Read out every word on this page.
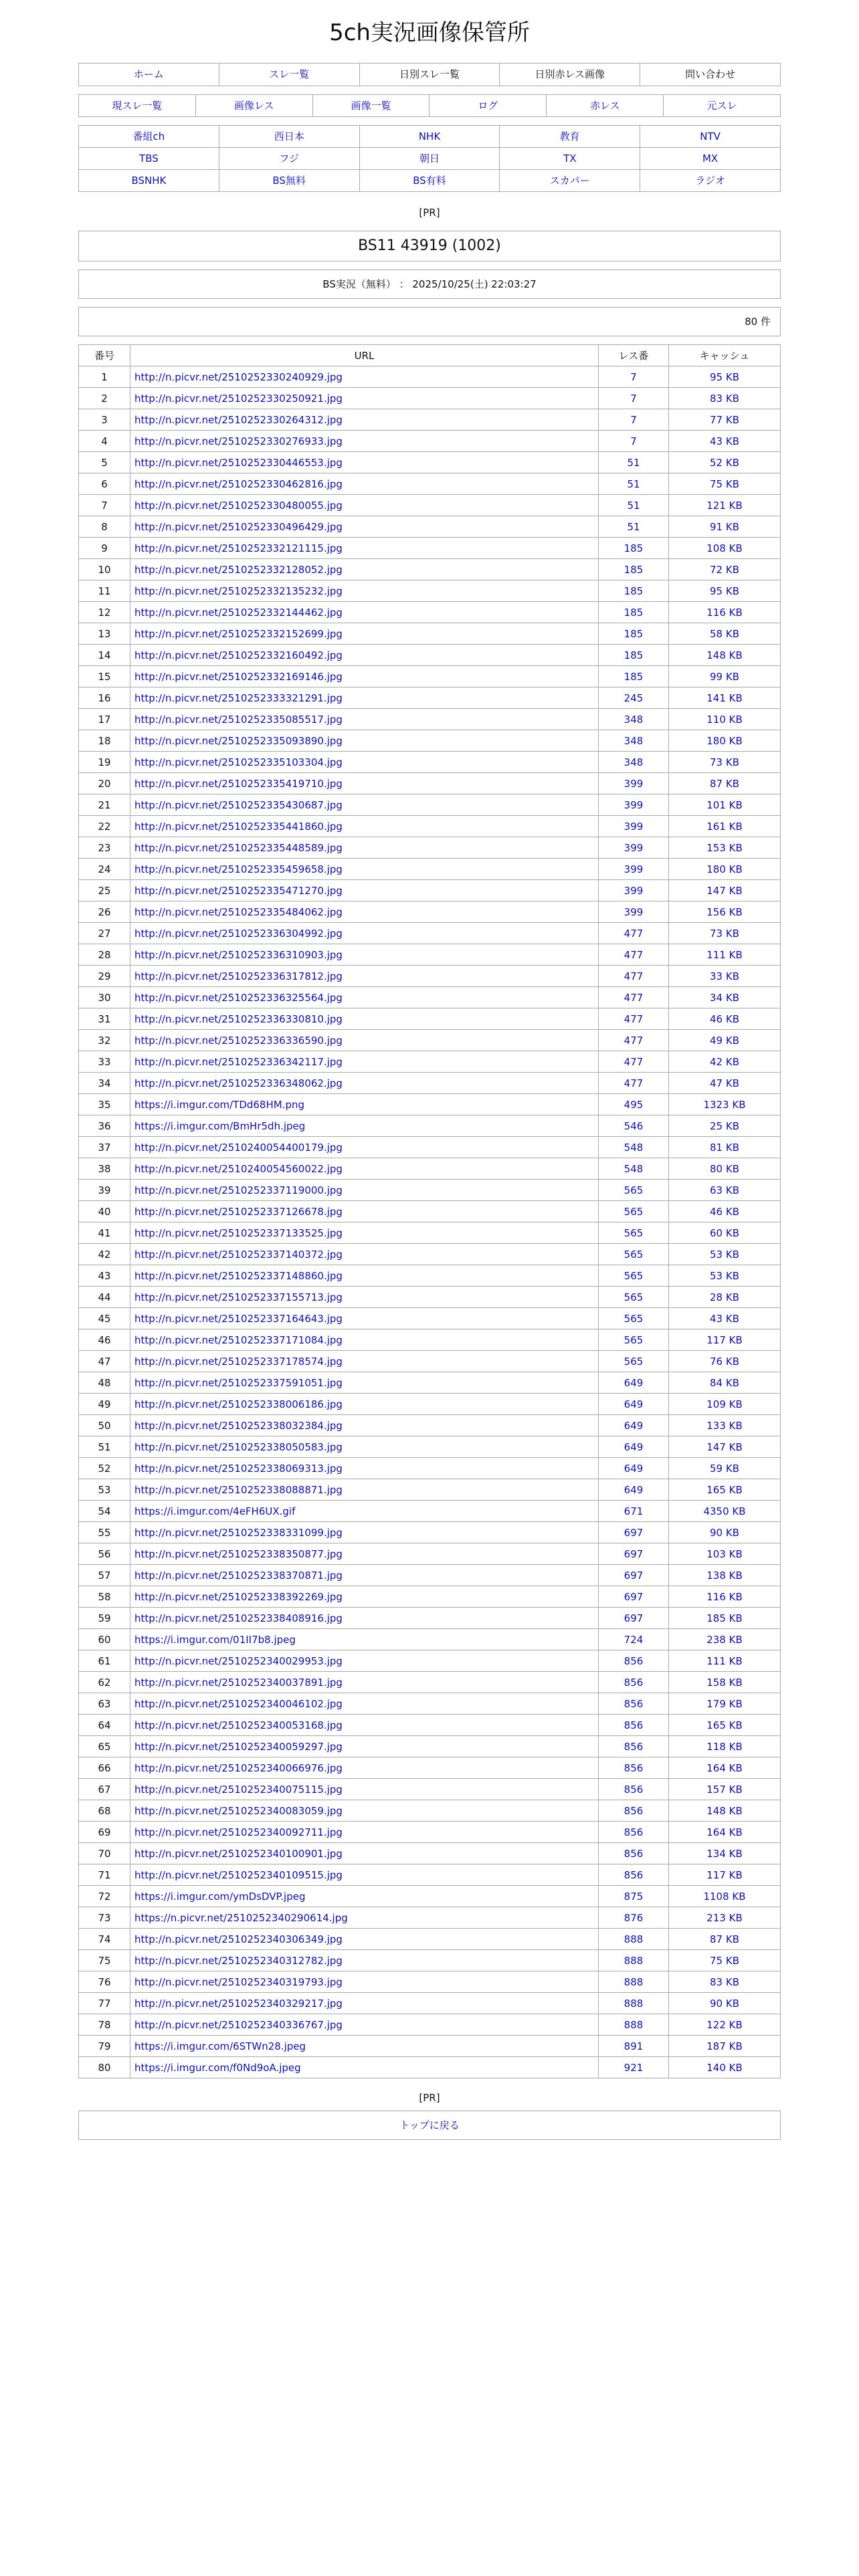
5ch実況画像保管所
ホーム	スレ一覧	日別スレ一覧	日別赤レス画像	問い合わせ
現スレ一覧	画像レス	画像一覧	ログ	赤レス	元スレ
番組ch	西日本	NHK	教育	NTV
TBS	フジ	朝日	TX	MX
BSNHK	BS無料	BS有料	スカパー	ラジオ
[PR]
BS11 43919 (1002)
BS実況（無料） ： 2025/10/25(土) 22:03:27
80 件
番号	URL	レス番	キャッシュ
1	http://n.picvr.net/2510252330240929.jpg	7	95 KB
2	http://n.picvr.net/2510252330250921.jpg	7	83 KB
3	http://n.picvr.net/2510252330264312.jpg	7	77 KB
4	http://n.picvr.net/2510252330276933.jpg	7	43 KB
5	http://n.picvr.net/2510252330446553.jpg	51	52 KB
6	http://n.picvr.net/2510252330462816.jpg	51	75 KB
7	http://n.picvr.net/2510252330480055.jpg	51	121 KB
8	http://n.picvr.net/2510252330496429.jpg	51	91 KB
9	http://n.picvr.net/2510252332121115.jpg	185	108 KB
10	http://n.picvr.net/2510252332128052.jpg	185	72 KB
11	http://n.picvr.net/2510252332135232.jpg	185	95 KB
12	http://n.picvr.net/2510252332144462.jpg	185	116 KB
13	http://n.picvr.net/2510252332152699.jpg	185	58 KB
14	http://n.picvr.net/2510252332160492.jpg	185	148 KB
15	http://n.picvr.net/2510252332169146.jpg	185	99 KB
16	http://n.picvr.net/2510252333321291.jpg	245	141 KB
17	http://n.picvr.net/2510252335085517.jpg	348	110 KB
18	http://n.picvr.net/2510252335093890.jpg	348	180 KB
19	http://n.picvr.net/2510252335103304.jpg	348	73 KB
20	http://n.picvr.net/2510252335419710.jpg	399	87 KB
21	http://n.picvr.net/2510252335430687.jpg	399	101 KB
22	http://n.picvr.net/2510252335441860.jpg	399	161 KB
23	http://n.picvr.net/2510252335448589.jpg	399	153 KB
24	http://n.picvr.net/2510252335459658.jpg	399	180 KB
25	http://n.picvr.net/2510252335471270.jpg	399	147 KB
26	http://n.picvr.net/2510252335484062.jpg	399	156 KB
27	http://n.picvr.net/2510252336304992.jpg	477	73 KB
28	http://n.picvr.net/2510252336310903.jpg	477	111 KB
29	http://n.picvr.net/2510252336317812.jpg	477	33 KB
30	http://n.picvr.net/2510252336325564.jpg	477	34 KB
31	http://n.picvr.net/2510252336330810.jpg	477	46 KB
32	http://n.picvr.net/2510252336336590.jpg	477	49 KB
33	http://n.picvr.net/2510252336342117.jpg	477	42 KB
34	http://n.picvr.net/2510252336348062.jpg	477	47 KB
35	https://i.imgur.com/TDd68HM.png	495	1323 KB
36	https://i.imgur.com/BmHr5dh.jpeg	546	25 KB
37	http://n.picvr.net/2510240054400179.jpg	548	81 KB
38	http://n.picvr.net/2510240054560022.jpg	548	80 KB
39	http://n.picvr.net/2510252337119000.jpg	565	63 KB
40	http://n.picvr.net/2510252337126678.jpg	565	46 KB
41	http://n.picvr.net/2510252337133525.jpg	565	60 KB
42	http://n.picvr.net/2510252337140372.jpg	565	53 KB
43	http://n.picvr.net/2510252337148860.jpg	565	53 KB
44	http://n.picvr.net/2510252337155713.jpg	565	28 KB
45	http://n.picvr.net/2510252337164643.jpg	565	43 KB
46	http://n.picvr.net/2510252337171084.jpg	565	117 KB
47	http://n.picvr.net/2510252337178574.jpg	565	76 KB
48	http://n.picvr.net/2510252337591051.jpg	649	84 KB
49	http://n.picvr.net/2510252338006186.jpg	649	109 KB
50	http://n.picvr.net/2510252338032384.jpg	649	133 KB
51	http://n.picvr.net/2510252338050583.jpg	649	147 KB
52	http://n.picvr.net/2510252338069313.jpg	649	59 KB
53	http://n.picvr.net/2510252338088871.jpg	649	165 KB
54	https://i.imgur.com/4eFH6UX.gif	671	4350 KB
55	http://n.picvr.net/2510252338331099.jpg	697	90 KB
56	http://n.picvr.net/2510252338350877.jpg	697	103 KB
57	http://n.picvr.net/2510252338370871.jpg	697	138 KB
58	http://n.picvr.net/2510252338392269.jpg	697	116 KB
59	http://n.picvr.net/2510252338408916.jpg	697	185 KB
60	https://i.imgur.com/01II7b8.jpeg	724	238 KB
61	http://n.picvr.net/2510252340029953.jpg	856	111 KB
62	http://n.picvr.net/2510252340037891.jpg	856	158 KB
63	http://n.picvr.net/2510252340046102.jpg	856	179 KB
64	http://n.picvr.net/2510252340053168.jpg	856	165 KB
65	http://n.picvr.net/2510252340059297.jpg	856	118 KB
66	http://n.picvr.net/2510252340066976.jpg	856	164 KB
67	http://n.picvr.net/2510252340075115.jpg	856	157 KB
68	http://n.picvr.net/2510252340083059.jpg	856	148 KB
69	http://n.picvr.net/2510252340092711.jpg	856	164 KB
70	http://n.picvr.net/2510252340100901.jpg	856	134 KB
71	http://n.picvr.net/2510252340109515.jpg	856	117 KB
72	https://i.imgur.com/ymDsDVP.jpeg	875	1108 KB
73	https://n.picvr.net/2510252340290614.jpg	876	213 KB
74	http://n.picvr.net/2510252340306349.jpg	888	87 KB
75	http://n.picvr.net/2510252340312782.jpg	888	75 KB
76	http://n.picvr.net/2510252340319793.jpg	888	83 KB
77	http://n.picvr.net/2510252340329217.jpg	888	90 KB
78	http://n.picvr.net/2510252340336767.jpg	888	122 KB
79	https://i.imgur.com/6STWn28.jpeg	891	187 KB
80	https://i.imgur.com/f0Nd9oA.jpeg	921	140 KB
[PR]
トップに戻る
